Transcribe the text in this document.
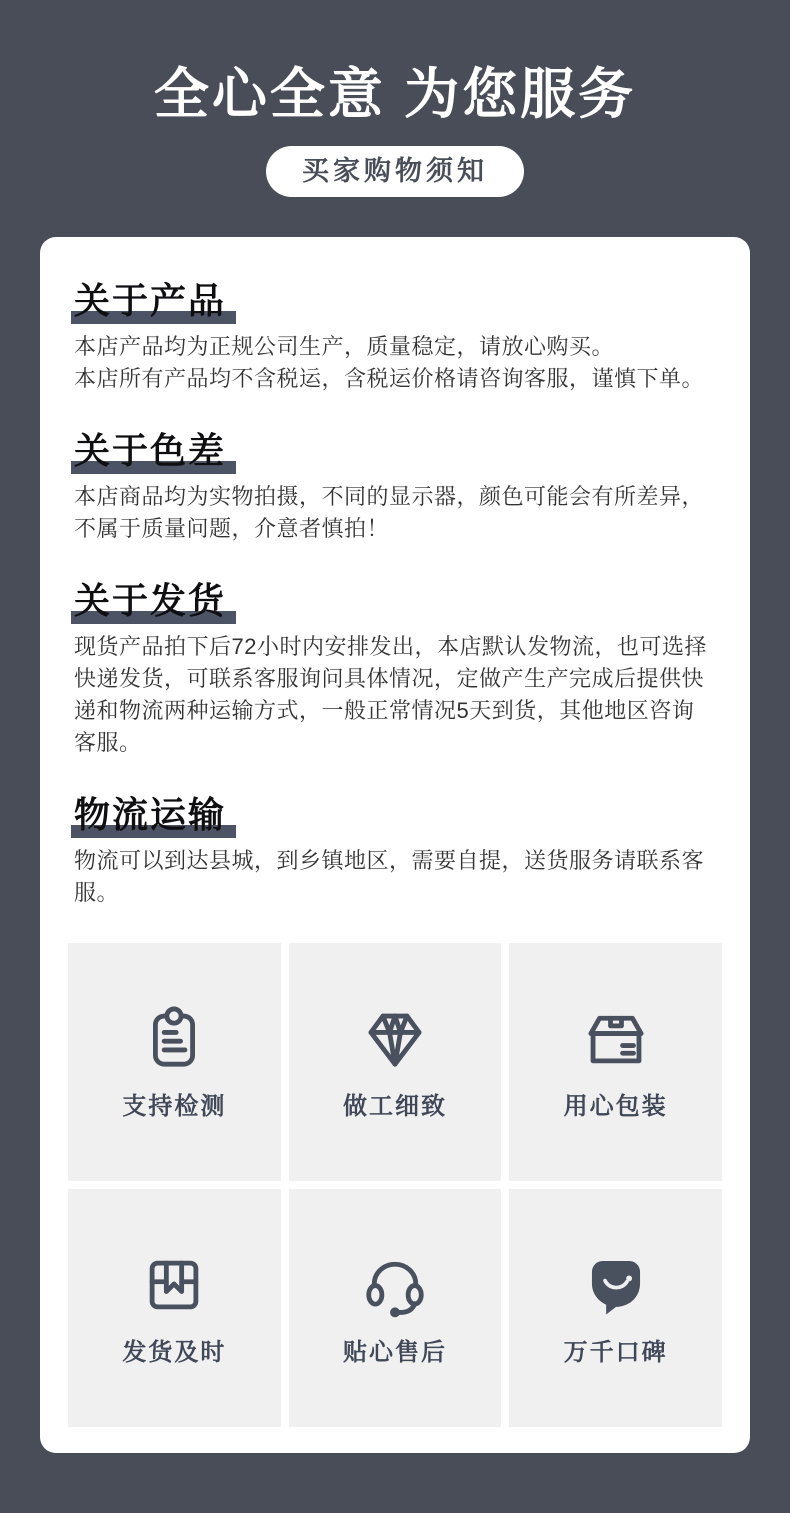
全心全意 为您服务
买家购物须知
关于产品

本店产品均为正规公司生产，质量稳定，请放心购买。

本店所有产品均不含税运，含税运价格请咨询客服，谨慎下单。

关于色差

本店商品均为实物拍摄，不同的显示器，颜色可能会有所差异，不属于质量问题，介意者慎拍！

关于发货

现货产品拍下后72小时内安排发出，本店默认发物流，也可选择快递发货，可联系客服询问具体情况，定做产生产完成后提供快递和物流两种运输方式，一般正常情况5天到货，其他地区咨询客服。

物流运输

物流可以到达县城，到乡镇地区，需要自提，送货服务请联系客服。

支持检测	做工细致	用心包装
发货及时	贴心售后	万千口碑
